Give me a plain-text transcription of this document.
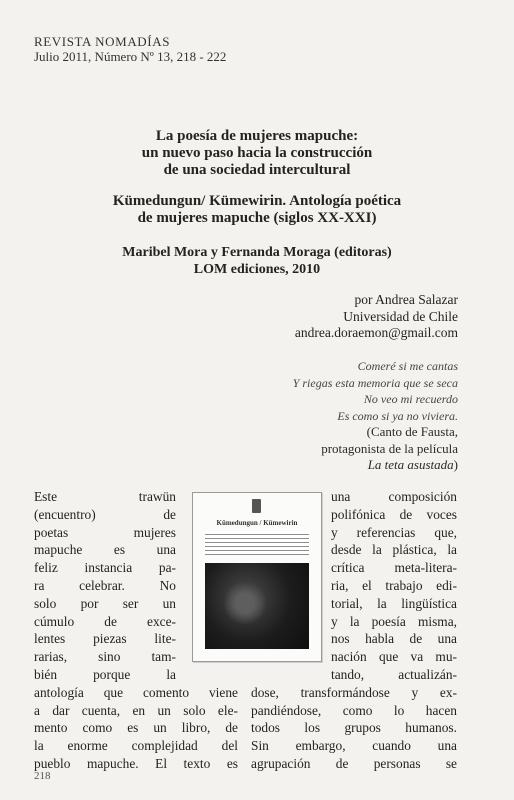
REVISTA NOMADÍAS
Julio 2011, Número Nº 13, 218 - 222
La poesía de mujeres mapuche:
un nuevo paso hacia la construcción
de una sociedad intercultural
Kümedungun/ Kümewirin. Antología poética
de mujeres mapuche (siglos XX-XXI)
Maribel Mora y Fernanda Moraga (editoras)
LOM ediciones, 2010
por Andrea Salazar
Universidad de Chile
andrea.doraemon@gmail.com
Comeré si me cantas
Y riegas esta memoria que se seca
No veo mi recuerdo
Es como si ya no viviera.
(Canto de Fausta,
protagonista de la película
La teta asustada)
Kümedungun / Kümewirin
Este trawün
(encuentro) de
poetas mujeres
mapuche es una
feliz instancia pa-
ra celebrar. No
solo por ser un
cúmulo de exce-
lentes piezas lite-
rarias, sino tam-
bién porque la
una composición
polifónica de voces
y referencias que,
desde la plástica, la
crítica meta-litera-
ria, el trabajo edi-
torial, la lingüística
y la poesía misma,
nos habla de una
nación que va mu-
tando, actualizán-
antología que comento viene dose, transformándose y ex-
a dar cuenta, en un solo ele- pandiéndose, como lo hacen
mento como es un libro, de todos los grupos humanos.
la enorme complejidad del Sin embargo, cuando una
pueblo mapuche. El texto es agrupación de personas se
218
